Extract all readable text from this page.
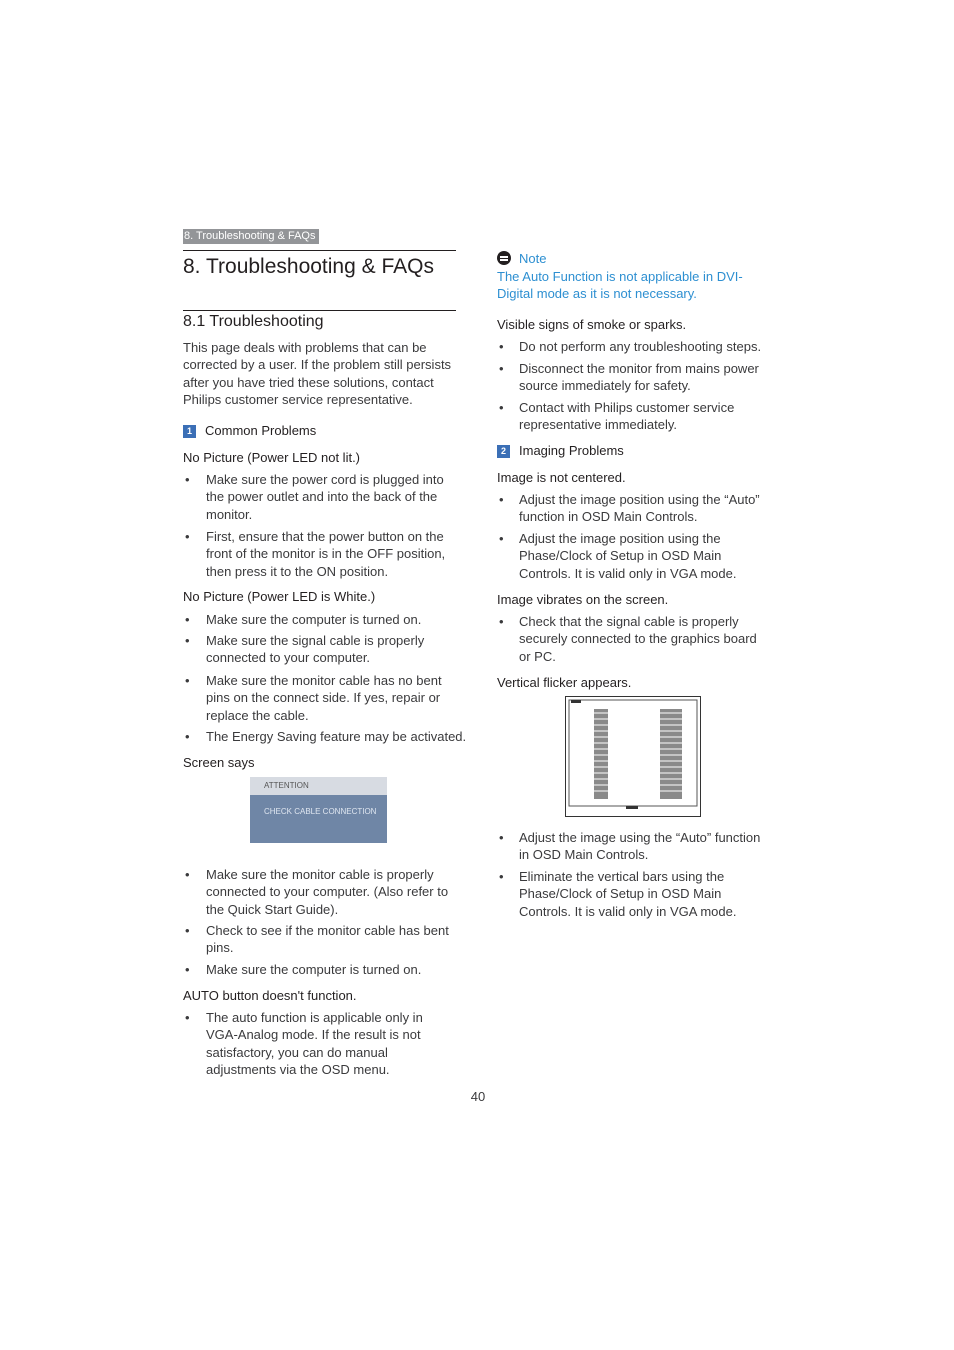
8. Troubleshooting & FAQs
8. Troubleshooting & FAQs
8.1 Troubleshooting
This page deals with problems that can be corrected by a user. If the problem still persists after you have tried these solutions, contact Philips customer service representative.
1 Common Problems
No Picture (Power LED not lit.)
• Make sure the power cord is plugged into the power outlet and into the back of the monitor.
• First, ensure that the power button on the front of the monitor is in the OFF position, then press it to the ON position.
No Picture (Power LED is White.)
• Make sure the computer is turned on.
• Make sure the signal cable is properly connected to your computer.
• Make sure the monitor cable has no bent pins on the connect side. If yes, repair or replace the cable.
• The Energy Saving feature may be activated.
Screen says
ATTENTION
CHECK CABLE CONNECTION
• Make sure the monitor cable is properly connected to your computer. (Also refer to the Quick Start Guide).
• Check to see if the monitor cable has bent pins.
• Make sure the computer is turned on.
AUTO button doesn't function.
• The auto function is applicable only in VGA-Analog mode. If the result is not satisfactory, you can do manual adjustments via the OSD menu.
Note
The Auto Function is not applicable in DVI-Digital mode as it is not necessary.
Visible signs of smoke or sparks.
• Do not perform any troubleshooting steps.
• Disconnect the monitor from mains power source immediately for safety.
• Contact with Philips customer service representative immediately.
2 Imaging Problems
Image is not centered.
• Adjust the image position using the “Auto” function in OSD Main Controls.
• Adjust the image position using the Phase/Clock of Setup in OSD Main Controls. It is valid only in VGA mode.
Image vibrates on the screen.
• Check that the signal cable is properly securely connected to the graphics board or PC.
Vertical flicker appears.
• Adjust the image using the “Auto” function in OSD Main Controls.
• Eliminate the vertical bars using the Phase/Clock of Setup in OSD Main Controls. It is valid only in VGA mode.
40
